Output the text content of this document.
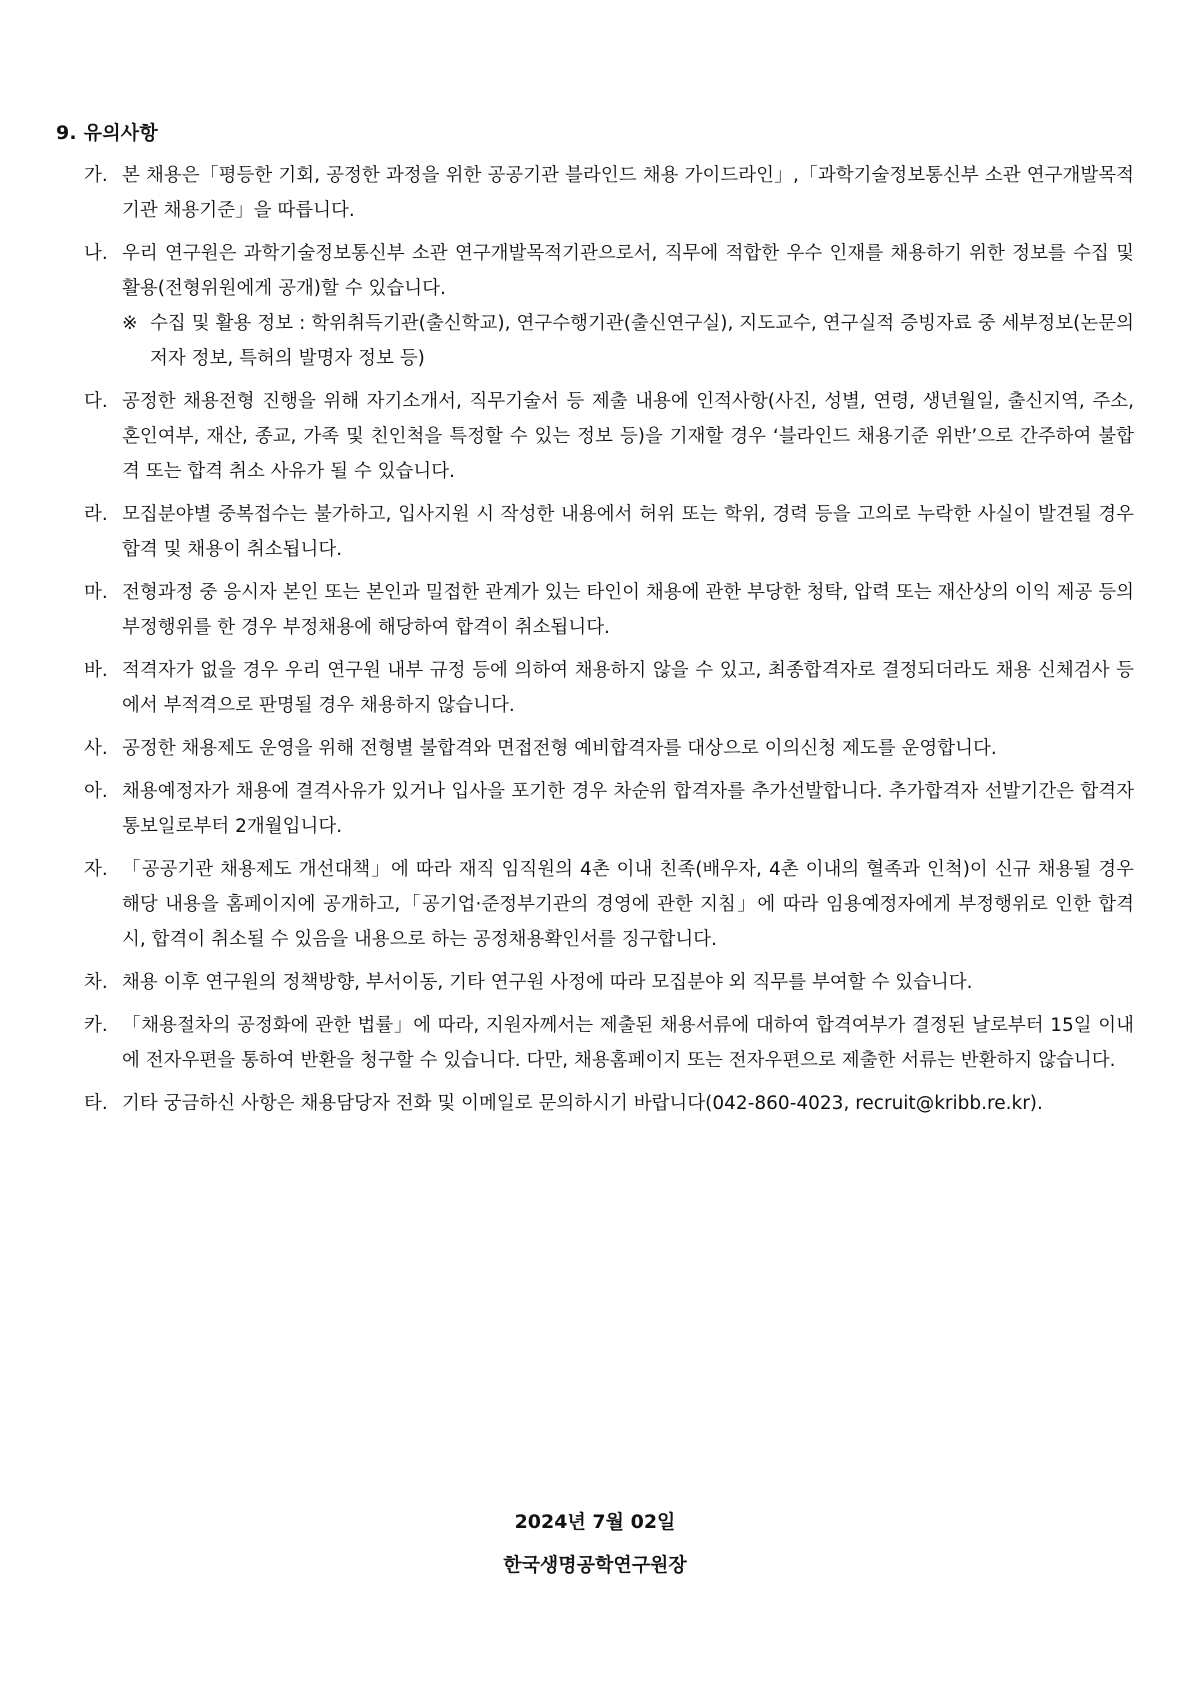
9. 유의사항
가. 본 채용은「평등한 기회, 공정한 과정을 위한 공공기관 블라인드 채용 가이드라인」,「과학기술정보통신부 소관 연구개발목적기관 채용기준」을 따릅니다.
나. 우리 연구원은 과학기술정보통신부 소관 연구개발목적기관으로서, 직무에 적합한 우수 인재를 채용하기 위한 정보를 수집 및 활용(전형위원에게 공개)할 수 있습니다.
※ 수집 및 활용 정보 : 학위취득기관(출신학교), 연구수행기관(출신연구실), 지도교수, 연구실적 증빙자료 중 세부정보(논문의 저자 정보, 특허의 발명자 정보 등)
다. 공정한 채용전형 진행을 위해 자기소개서, 직무기술서 등 제출 내용에 인적사항(사진, 성별, 연령, 생년월일, 출신지역, 주소, 혼인여부, 재산, 종교, 가족 및 친인척을 특정할 수 있는 정보 등)을 기재할 경우 ‘블라인드 채용기준 위반’으로 간주하여 불합격 또는 합격 취소 사유가 될 수 있습니다.
라. 모집분야별 중복접수는 불가하고, 입사지원 시 작성한 내용에서 허위 또는 학위, 경력 등을 고의로 누락한 사실이 발견될 경우 합격 및 채용이 취소됩니다.
마. 전형과정 중 응시자 본인 또는 본인과 밀접한 관계가 있는 타인이 채용에 관한 부당한 청탁, 압력 또는 재산상의 이익 제공 등의 부정행위를 한 경우 부정채용에 해당하여 합격이 취소됩니다.
바. 적격자가 없을 경우 우리 연구원 내부 규정 등에 의하여 채용하지 않을 수 있고, 최종합격자로 결정되더라도 채용 신체검사 등에서 부적격으로 판명될 경우 채용하지 않습니다.
사. 공정한 채용제도 운영을 위해 전형별 불합격와 면접전형 예비합격자를 대상으로 이의신청 제도를 운영합니다.
아. 채용예정자가 채용에 결격사유가 있거나 입사을 포기한 경우 차순위 합격자를 추가선발합니다. 추가합격자 선발기간은 합격자 통보일로부터 2개월입니다.
자. 「공공기관 채용제도 개선대책」에 따라 재직 임직원의 4촌 이내 친족(배우자, 4촌 이내의 혈족과 인척)이 신규 채용될 경우 해당 내용을 홈페이지에 공개하고,「공기업·준정부기관의 경영에 관한 지침」에 따라 임용예정자에게 부정행위로 인한 합격 시, 합격이 취소될 수 있음을 내용으로 하는 공정채용확인서를 징구합니다.
차. 채용 이후 연구원의 정책방향, 부서이동, 기타 연구원 사정에 따라 모집분야 외 직무를 부여할 수 있습니다.
카. 「채용절차의 공정화에 관한 법률」에 따라, 지원자께서는 제출된 채용서류에 대하여 합격여부가 결정된 날로부터 15일 이내에 전자우편을 통하여 반환을 청구할 수 있습니다. 다만, 채용홈페이지 또는 전자우편으로 제출한 서류는 반환하지 않습니다.
타. 기타 궁금하신 사항은 채용담당자 전화 및 이메일로 문의하시기 바랍니다(042-860-4023, recruit@kribb.re.kr).
2024년 7월 02일
한국생명공학연구원장
